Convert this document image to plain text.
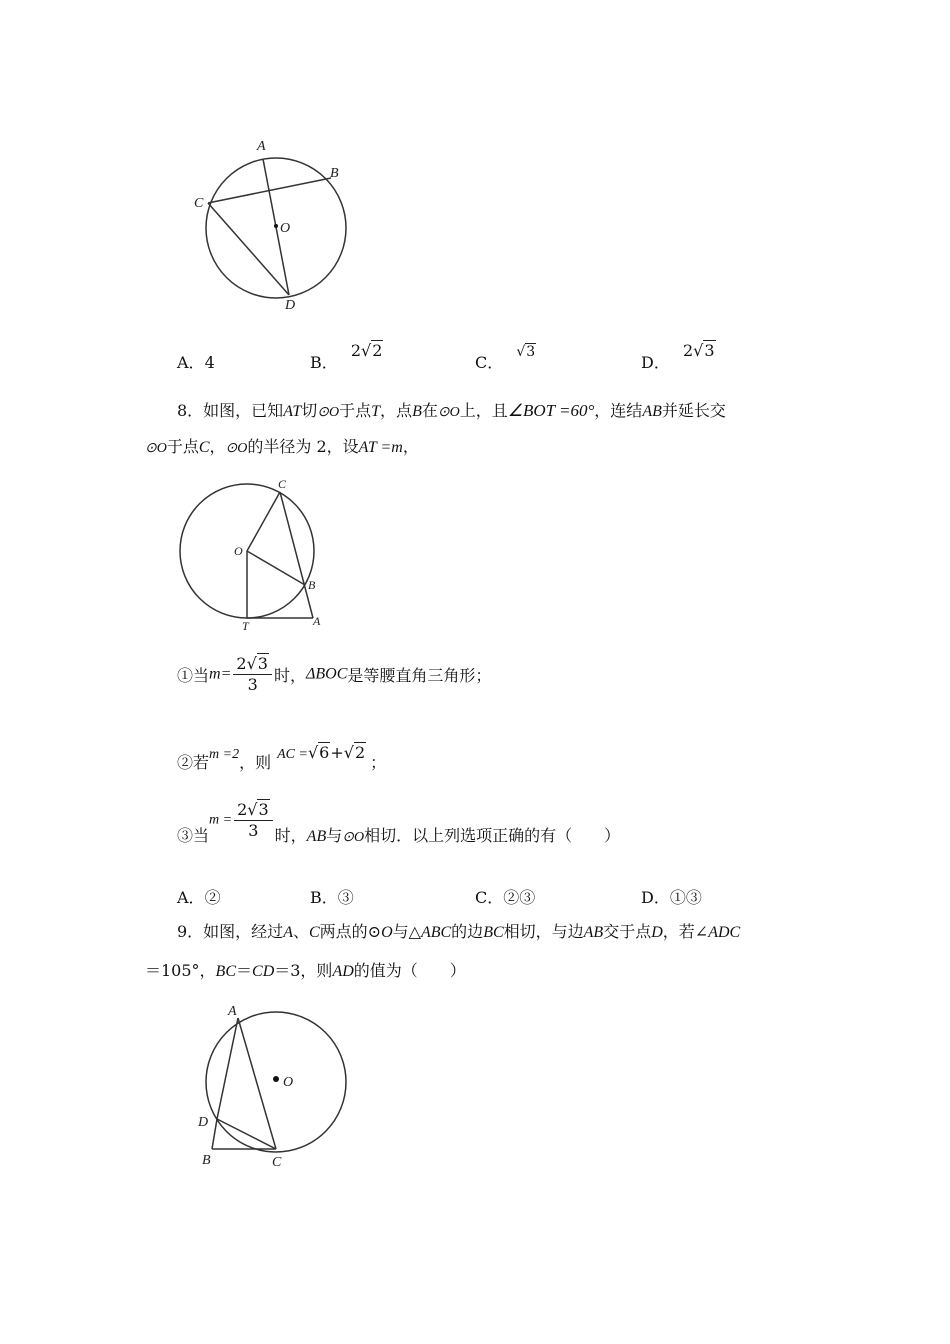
A
B
C
D
O
A．4	B． 2√2
C． √3
D． 2√3
8．如图，已知AT切⊙O于点T，点B在⊙O上，且∠BOT =60°，连结AB并延长交
⊙O于点C，⊙O的半径为 2，设AT =m，
C
O
B
T	A
①当$m= \frac{2√3}{3}$ 时，ΔBOC是等腰直角三角形；
②若m =2，则 AC =√6+√2；
③当$m = \frac{2√3}{3}$ 时，AB与⊙O相切．以上列选项正确的有（　　）
A．②	B．③	C．②③	D．①③
9．如图，经过A、C两点的⊙O与△ABC的边BC相切，与边AB交于点D，若∠ADC
＝105°，BC＝CD＝3，则AD的值为（　　）
A
O
D
B	C
